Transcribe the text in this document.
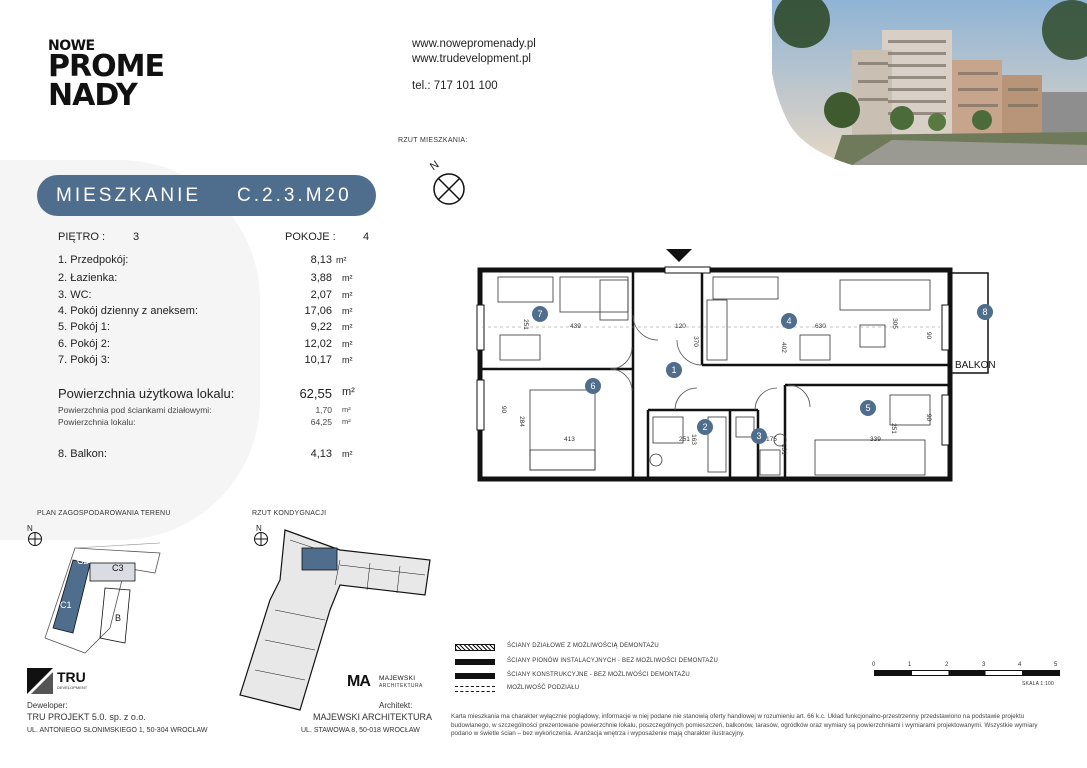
NOWE
PROME
NADY
www.nowepromenady.pl
www.trudevelopment.pl
tel.: 717 101 100
RZUT MIESZKANIA:
N
MIESZKANIE C.2.3.M20
PIĘTRO :	3	POKOJE : 4
1. Przedpokój:	8,13 m²
2. Łazienka:	3,88 m²
3. WC:	2,07 m²
4. Pokój dzienny z aneksem:	17,06 m²
5. Pokój 1:	9,22 m²
6. Pokój 2:	12,02 m²
7. Pokój 3:	10,17 m²
Powierzchnia użytkowa lokalu:	62,55 m²
Powierzchnia pod ściankami działowymi:	1,70 m²
Powierzchnia lokalu:	64,25 m²
8. Balkon:	4,13 m²
1
2
3
4
5
6
7	8
251	439	120
370
630	305
402
284
413	251 163	175
131
339
251
90
90
90
BALKON
PLAN ZAGOSPODAROWANIA TERENU
N
C2
C3
C1
B
RZUT KONDYGNACJI
N
ŚCIANY DZIAŁOWE Z MOŻLIWOŚCIĄ DEMONTAŻU
ŚCIANY PIONÓW INSTALACYJNYCH - BEZ MOŻLIWOŚCI DEMONTAŻU
ŚCIANY KONSTRUKCYJNE - BEZ MOŻLIWOŚCI DEMONTAŻU
MOŻLIWOŚĆ PODZIAŁU
0	1	2	3	4	5
SKALA 1:100
TRU
DEVELOPMENT
Deweloper:
TRU PROJEKT 5.0. sp. z o.o.
UL. ANTONIEGO SŁONIMSKIEGO 1, 50-304 WROCŁAW
MA MAJEWSKI
ARCHITEKTURA
Architekt:
MAJEWSKI ARCHITEKTURA
UL. STAWOWA 8, 50-018 WROCŁAW
Karta mieszkania ma charakter wyłącznie poglądowy, informacje w niej podane nie stanowią oferty handlowej w rozumieniu art. 66 k.c. Układ funkcjonalno-przestrzenny przedstawiono na podstawie projektu budowlanego, w szczególności prezentowane powierzchnie lokalu, poszczególnych pomieszczeń, balkonów, tarasów, ogródków oraz wymiary są powierzchniami i wymiarami projektowanymi. Wszystkie wymiary podano w świetle ścian – bez wykończenia. Aranżacja wnętrza i wyposażenie mają charakter ilustracyjny.
